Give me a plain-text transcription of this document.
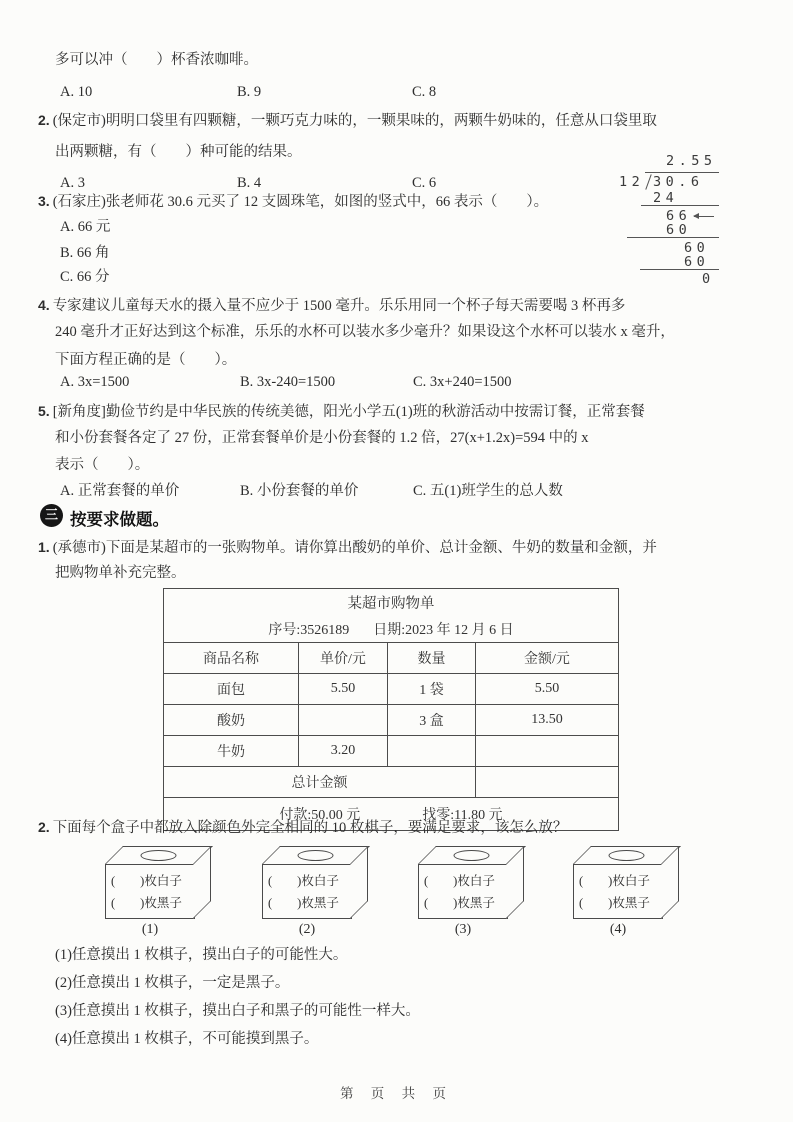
多可以冲（　　）杯香浓咖啡。
A. 10	B. 9	C. 8
2. (保定市)明明口袋里有四颗糖，一颗巧克力味的，一颗果味的，两颗牛奶味的，任意从口袋里取
出两颗糖，有（　　）种可能的结果。
A. 3	B. 4	C. 6
3. (石家庄)张老师花 30.6 元买了 12 支圆珠笔，如图的竖式中，66 表示（　　）。
A. 66 元
B. 66 角
C. 66 分
2.55
12 30.6
24
66
60
60
60
0
4. 专家建议儿童每天水的摄入量不应少于 1500 毫升。乐乐用同一个杯子每天需要喝 3 杯再多
240 毫升才正好达到这个标准，乐乐的水杯可以装水多少毫升？如果设这个水杯可以装水 x 毫升，
下面方程正确的是（　　）。
A. 3x=1500	B. 3x-240=1500	C. 3x+240=1500
5. [新角度]勤俭节约是中华民族的传统美德，阳光小学五(1)班的秋游活动中按需订餐，正常套餐
和小份套餐各定了 27 份，正常套餐单价是小份套餐的 1.2 倍，27(x+1.2x)=594 中的 x
表示（　　）。
A. 正常套餐的单价	B. 小份套餐的单价	C. 五(1)班学生的总人数
三 按要求做题。
1. (承德市)下面是某超市的一张购物单。请你算出酸奶的单价、总计金额、牛奶的数量和金额，并
把购物单补充完整。
某超市购物单			

序号:3526189 日期:2023 年 12 月 6 日			

商品名称	单价/元	数量	金额/元
面包	5.50	1 袋	5.50
酸奶		3 盒	13.50
牛奶	3.20		
总计金额			

付款:50.00 元 找零:11.80 元			
2. 下面每个盒子中都放入除颜色外完全相同的 10 枚棋子，要满足要求，该怎么放？
(　　)枚白子
(　　)枚黑子
(1)
(　　)枚白子
(　　)枚黑子
(2)
(　　)枚白子
(　　)枚黑子
(3)
(　　)枚白子
(　　)枚黑子
(4)
(1)任意摸出 1 枚棋子，摸出白子的可能性大。
(2)任意摸出 1 枚棋子，一定是黑子。
(3)任意摸出 1 枚棋子，摸出白子和黑子的可能性一样大。
(4)任意摸出 1 枚棋子，不可能摸到黑子。
第 页 共 页
